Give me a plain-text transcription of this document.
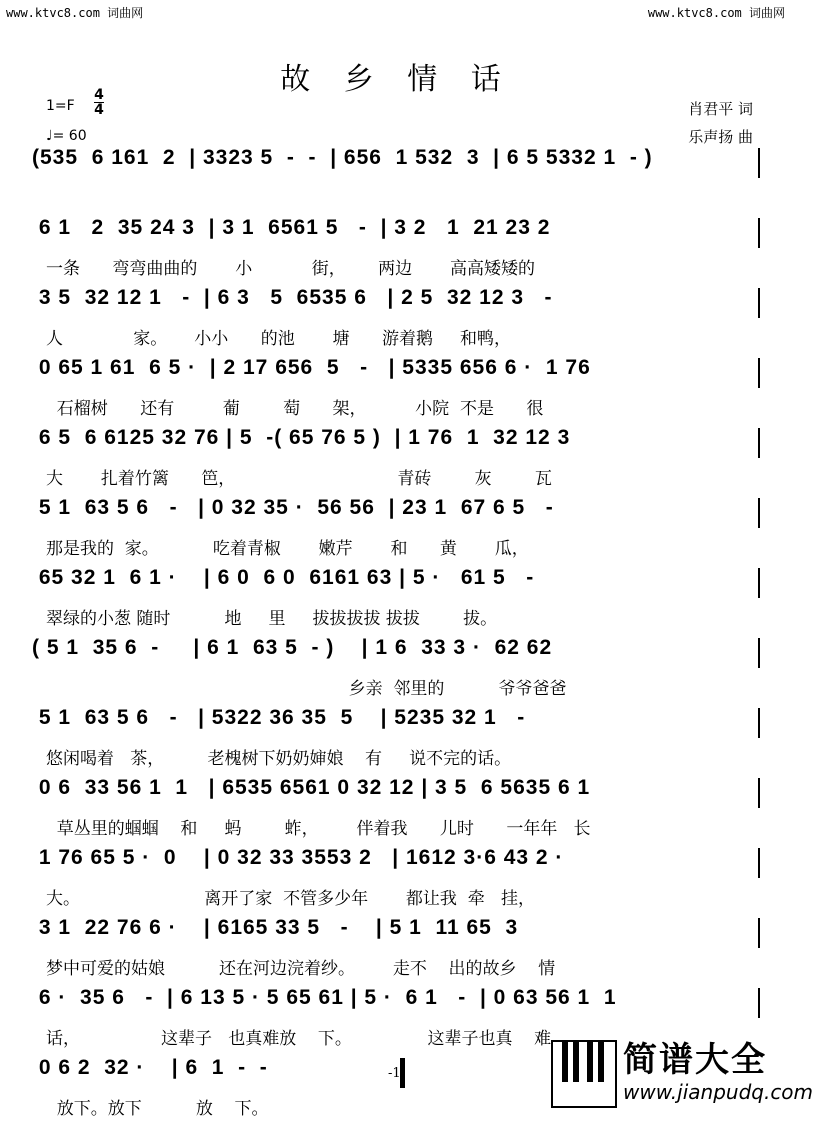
www.ktvc8.com 词曲网	www.ktvc8.com 词曲网
故 乡 情 话
1=F
4
4
♩= 60
肖君平 词
乐声扬 曲
(535  6 161  2  | 3323 5  -  -  | 656  1 532  3  | 6 5 5332 1  - )
6 1   2  35 24 3  | 3 1  6561 5   -  | 3 2   1  21 23 2
一条      弯弯曲曲的       小           街，      两边       高高矮矮的
3 5  32 12 1   -  | 6 3   5  6535 6   | 2 5  32 12 3   -
人             家。     小小      的池       塘      游着鹅     和鸭，
0 65 1 61  6 5 ·  | 2 17 656  5   -   | 5335 656 6 ·  1 76
石榴树      还有         葡        萄      架，         小院  不是      很
6 5  6 6125 32 76 | 5  -( 65 76 5 )  | 1 76  1  32 12 3
大       扎着竹篱      笆，                              青砖        灰        瓦
5 1  63 5 6   -   | 0 32 35 ·  56 56  | 23 1  67 6 5   -
那是我的  家。          吃着青椒       嫩芹       和      黄       瓜，
65 32 1  6 1 ·    | 6 0  6 0  6161 63 | 5 ·   61 5   -
翠绿的小葱 随时          地     里     拔拔拔拔 拔拔        拔。
( 5 1  35 6  -     | 6 1  63 5  - )    | 1 6  33 3 ·  62 62
乡亲  邻里的          爷爷爸爸
5 1  63 5 6   -   | 5322 36 35  5    | 5235 32 1   -
悠闲喝着   茶，        老槐树下奶奶婶娘    有     说不完的话。
0 6  33 56 1  1   | 6535 6561 0 32 12 | 3 5  6 5635 6 1
草丛里的蝈蝈    和     蚂        蚱，       伴着我      儿时      一年年   长
1 76 65 5 ·  0    | 0 32 33 3553 2   | 1612 3·6 43 2 ·
大。                       离开了家  不管多少年       都让我  牵   挂，
3 1  22 76 6 ·    | 6165 33 5   -    | 5 1  11 65  3
梦中可爱的姑娘          还在河边浣着纱。       走不    出的故乡    情
6 ·  35 6   -  | 6 13 5 · 5 65 61 | 5 ·  6 1   -  | 0 63 56 1  1
话，               这辈子   也真难放    下。              这辈子也真    难
0 6 2  32 ·    | 6  1  -  -
放下。放下          放    下。
-1-	简谱大全
www.jianpudq.com
